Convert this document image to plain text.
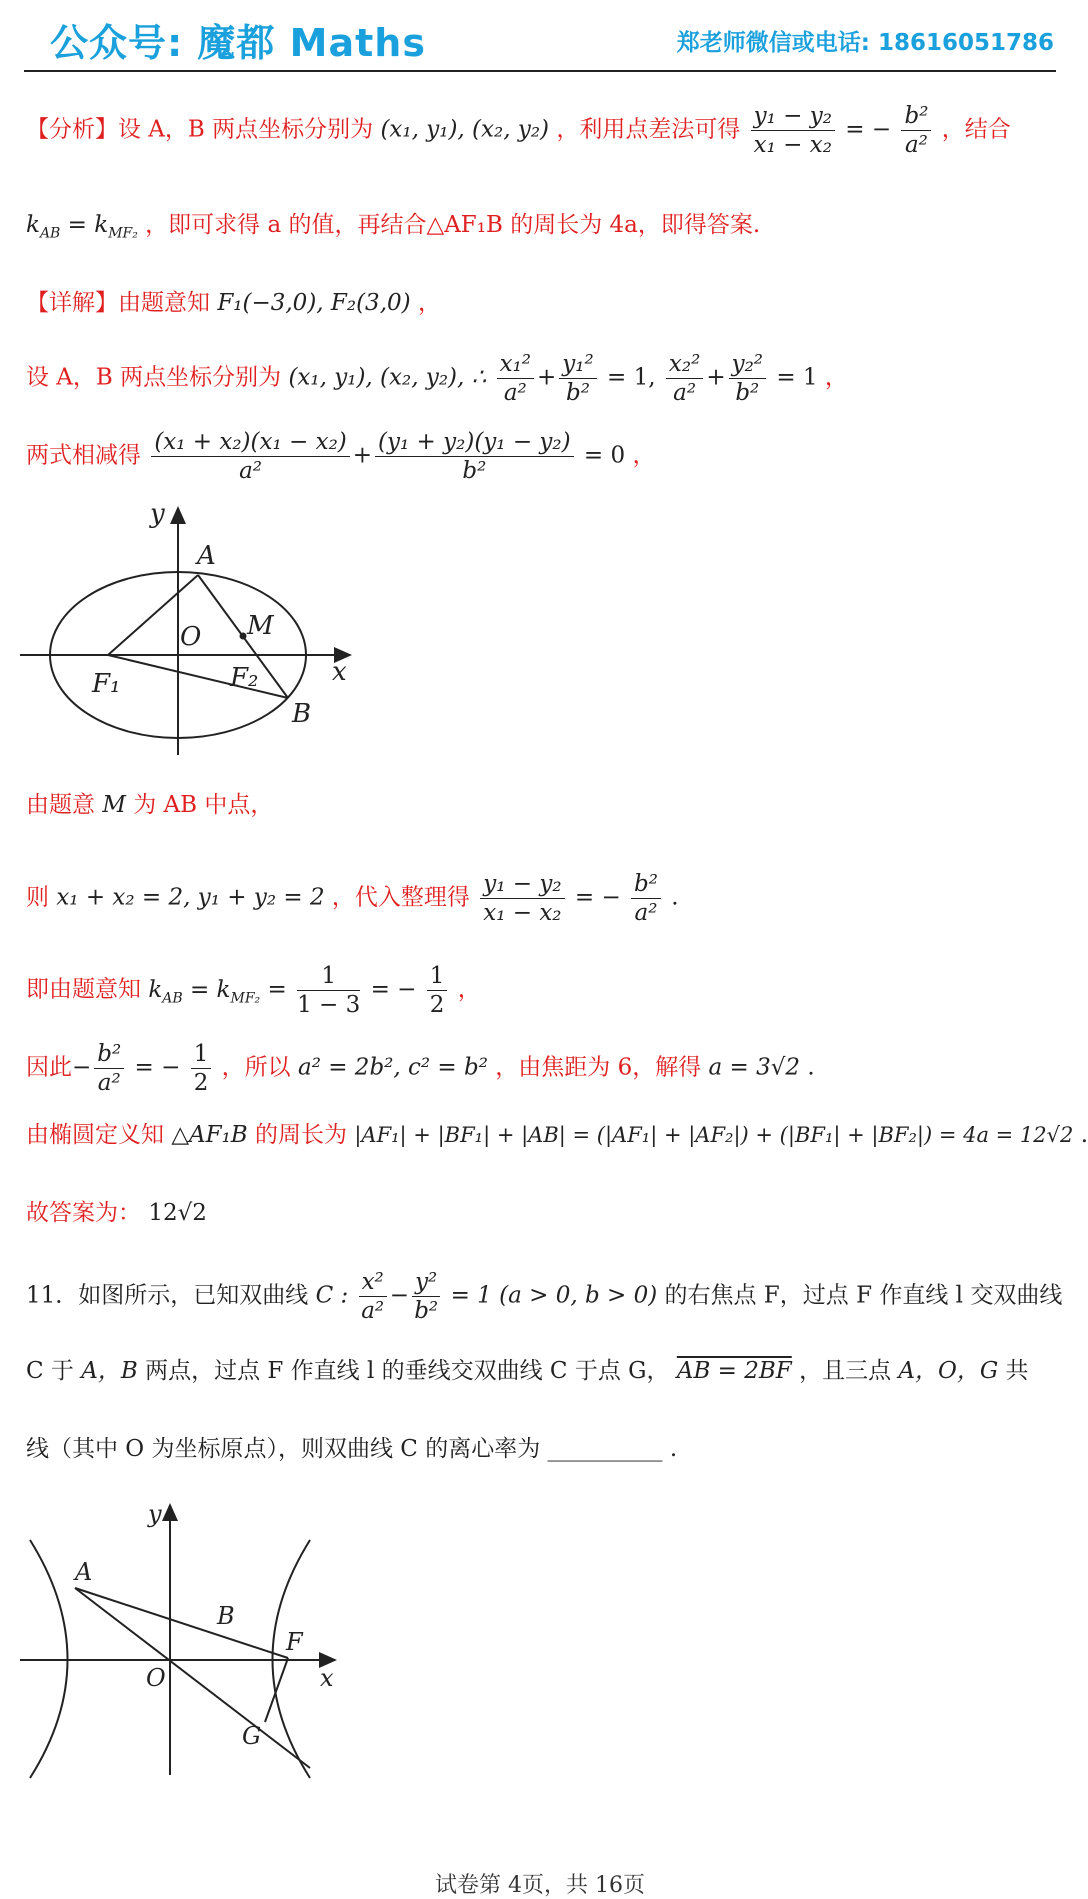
公众号: 魔都 Maths	郑老师微信或电话: 18616051786
【分析】设 A，B 两点坐标分别为 (x₁, y₁), (x₂, y₂) ，利用点差法可得 $\frac{\text{y₁ − y₂}}{\text{x₁ − x₂}}$ = − $\frac{\text{b²}}{\text{a²}}$ ，结合
$k_{AB} = k_{MF_2}$ ，即可求得 a 的值，再结合△AF₁B 的周长为 4a，即得答案.
【详解】由题意知 F₁(−3,0), F₂(3,0) ，
设 A，B 两点坐标分别为 (x₁, y₁), (x₂, y₂), ∴ $\frac{\text{x₁²}}{\text{a²}} + \frac{\text{y₁²}}{\text{b²}} = 1$, $\frac{\text{x₂²}}{\text{a²}} + \frac{\text{y₂²}}{\text{b²}} = 1$ ，
两式相减得 $\frac{\text{(x₁ + x₂)(x₁ − x₂)}}{\text{a²}} + \frac{\text{(y₁ + y₂)(y₁ − y₂)}}{\text{b²}} = 0$ ，
y
A
M
O
F₁	F₂	x
B
由题意 M 为 AB 中点，
则 x₁ + x₂ = 2, y₁ + y₂ = 2 ，代入整理得 $\frac{\text{y₁ − y₂}}{\text{x₁ − x₂}}$ = − $\frac{\text{b²}}{\text{a²}}$ .
即由题意知 $k_{AB} = k_{MF_2} = \frac{1}{1 - 3}$ = − $\frac{1}{2}$ ，
因此− $\frac{\text{b²}}{\text{a²}}$ = − $\frac{1}{2}$ ，所以 a² = 2b², c² = b² ，由焦距为 6，解得 a = 3√2 .
由椭圆定义知 △AF₁B 的周长为 |AF₁| + |BF₁| + |AB| = (|AF₁| + |AF₂|) + (|BF₁| + |BF₂|) = 4a = 12√2 .
故答案为： 12√2
11．如图所示，已知双曲线 C : $\frac{\text{x²}}{\text{a²}} - \frac{\text{y²}}{\text{b²}} = 1$ (a > 0, b > 0) 的右焦点 F，过点 F 作直线 l 交双曲线
C 于 A，B 两点，过点 F 作直线 l 的垂线交双曲线 C 于点 G， AB = 2BF ，且三点 A，O，G 共
线（其中 O 为坐标原点），则双曲线 C 的离心率为 __________ .
y
A
B
F
O	x
G
试卷第 4页，共 16页
